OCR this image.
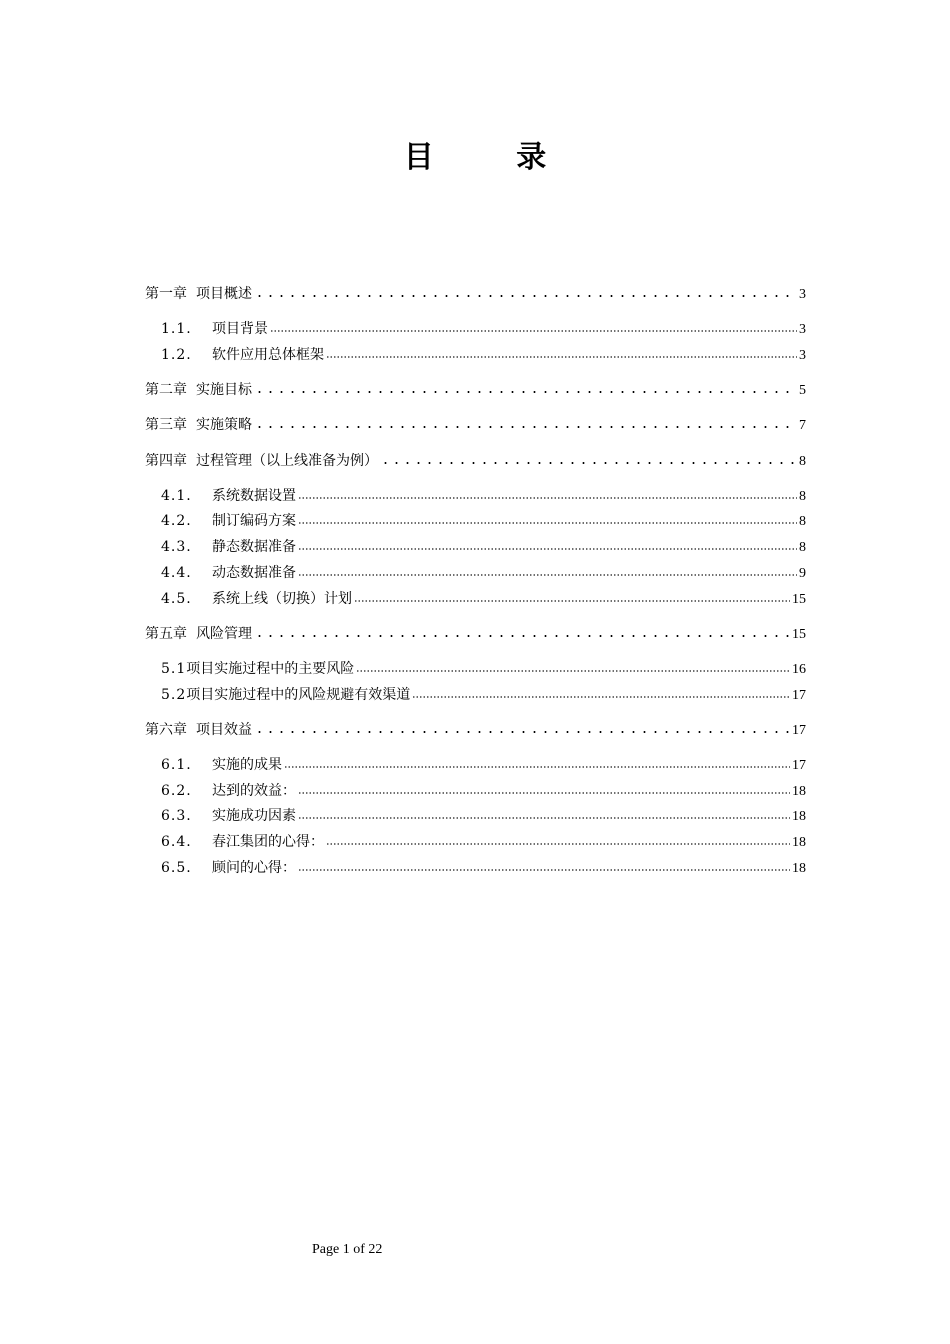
目 录
第一章 项目概述	3
1.1.	项目背景	3
1.2.	软件应用总体框架	3
第二章 实施目标	5
第三章 实施策略	7
第四章 过程管理（以上线准备为例）	8
4.1.	系统数据设置	8
4.2.	制订编码方案	8
4.3.	静态数据准备	8
4.4.	动态数据准备	9
4.5.	系统上线（切换）计划	15
第五章 风险管理	15
5.1 项目实施过程中的主要风险	16
5.2 项目实施过程中的风险规避有效渠道	17
第六章 项目效益	17
6.1.	实施的成果	17
6.2.	达到的效益：	18
6.3.	实施成功因素	18
6.4.	春江集团的心得：	18
6.5.	顾问的心得：	18
Page 1 of 22
